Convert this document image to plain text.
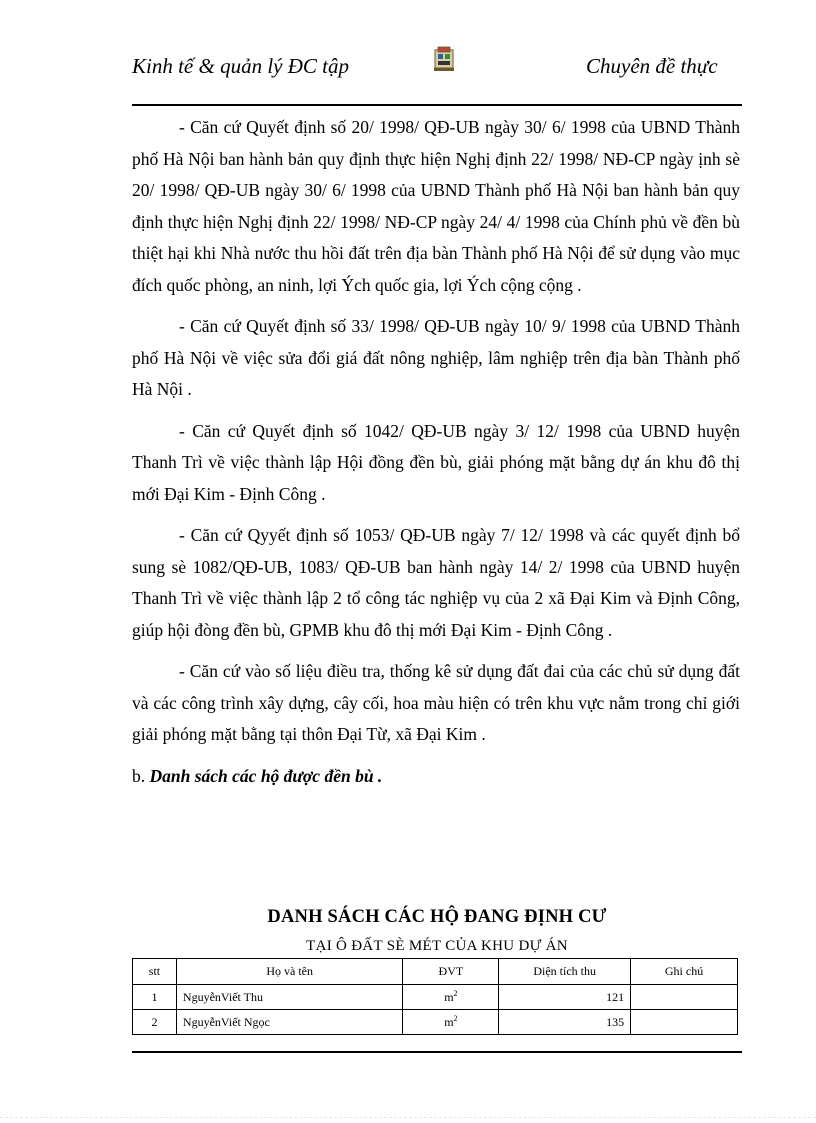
Kinh tế & quản lý ĐC tập	Chuyên đề thực

- Căn cứ Quyết định số 20/ 1998/ QĐ-UB ngày 30/ 6/ 1998 của UBND Thành phố Hà Nội ban hành bản quy định thực hiện Nghị định 22/ 1998/ NĐ-CP ngày ịnh sè 20/ 1998/ QĐ-UB ngày 30/ 6/ 1998 của UBND Thành phố Hà Nội ban hành bản quy định thực hiện Nghị định 22/ 1998/ NĐ-CP ngày 24/ 4/ 1998 của Chính phủ về đền bù thiệt hại khi Nhà nước thu hồi đất trên địa bàn Thành phố Hà Nội để sử dụng vào mục đích quốc phòng, an ninh, lợi Ých quốc gia, lợi Ých cộng cộng .

- Căn cứ Quyết định số 33/ 1998/ QĐ-UB ngày 10/ 9/ 1998 của UBND Thành phố Hà Nội về việc sửa đổi giá đất nông nghiệp, lâm nghiệp trên địa bàn Thành phố Hà Nội .

- Căn cứ Quyết định số 1042/ QĐ-UB ngày 3/ 12/ 1998 của UBND huyện Thanh Trì về việc thành lập Hội đồng đền bù, giải phóng mặt bằng dự án khu đô thị mới Đại Kim - Định Công .

- Căn cứ Qyyết định số 1053/ QĐ-UB ngày 7/ 12/ 1998 và các quyết định bổ sung sè 1082/QĐ-UB, 1083/ QĐ-UB ban hành ngày 14/ 2/ 1998 của UBND huyện Thanh Trì về việc thành lập 2 tổ công tác nghiệp vụ của 2 xã Đại Kim và Định Công, giúp hội đòng đền bù, GPMB khu đô thị mới Đại Kim - Định Công .

- Căn cứ vào số liệu điều tra, thống kê sử dụng đất đai của các chủ sử dụng đất và các công trình xây dựng, cây cối, hoa màu hiện có trên khu vực nằm trong chỉ giới giải phóng mặt bằng tại thôn Đại Từ, xã Đại Kim .

b. Danh sách các hộ được đền bù .

DANH SÁCH CÁC HỘ ĐANG ĐỊNH CƯ
TẠI Ô ĐẤT SÈ MÉT CỦA KHU DỰ ÁN
stt	Họ và tên	ĐVT	Diện tích thu	Ghi chú
1	NguyễnViết Thu	$m^2$	121	
2	NguyễnViết Ngọc	$m^2$	135	
